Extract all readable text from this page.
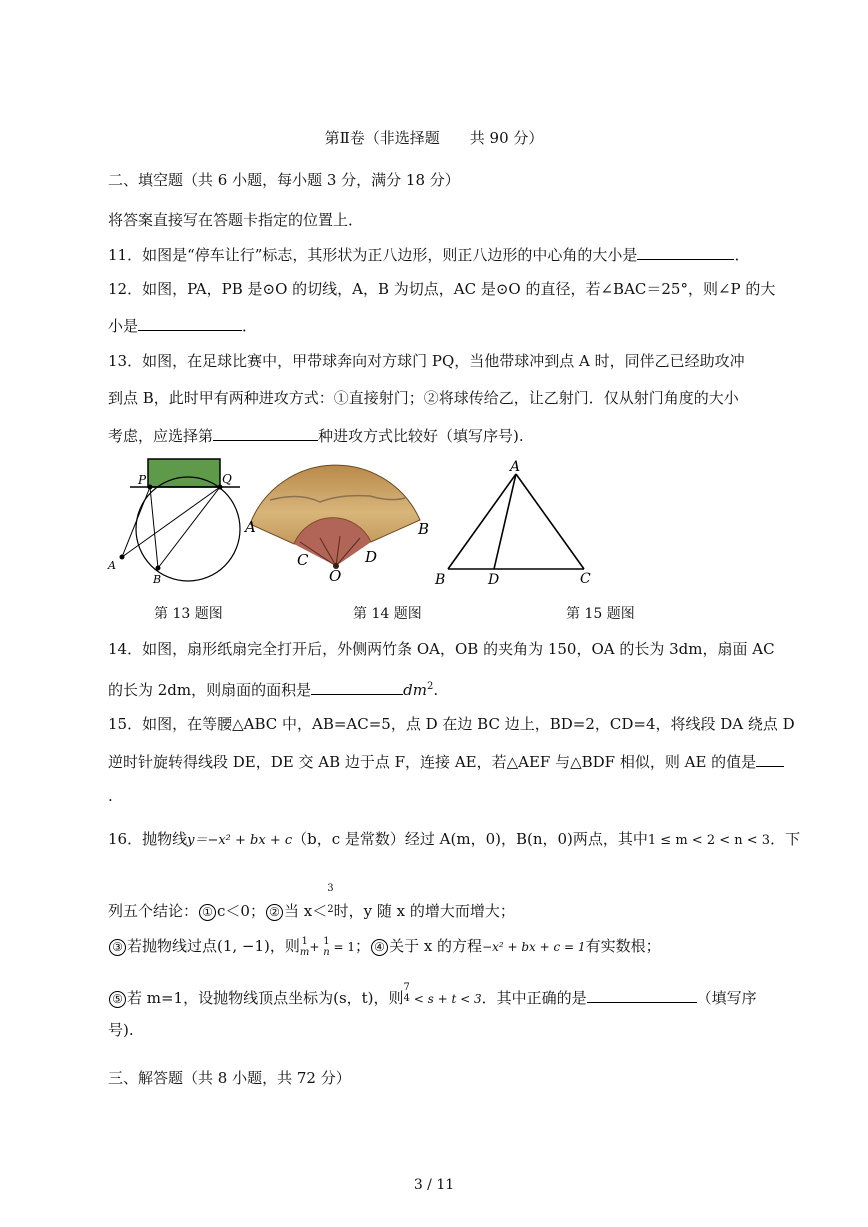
第Ⅱ卷（非选择题　　共 90 分）
二、填空题（共 6 小题，每小题 3 分，满分 18 分）
将答案直接写在答题卡指定的位置上．
11．如图是“停车让行”标志，其形状为正八边形，则正八边形的中心角的大小是	．
12．如图，PA，PB 是⊙O 的切线，A，B 为切点，AC 是⊙O 的直径，若∠BAC＝25°，则∠P 的大
小是	．
13．如图，在足球比赛中，甲带球奔向对方球门 PQ，当他带球冲到点 A 时，同伴乙已经助攻冲
到点 B，此时甲有两种进攻方式：①直接射门；②将球传给乙，让乙射门．仅从射门角度的大小
考虑，应选择第	种进攻方式比较好（填写序号).
P	Q
A
B
A	B
C	D
O
A
B	D	C
第 13 题图	第 14 题图	第 15 题图
14．如图，扇形纸扇完全打开后，外侧两竹条 OA，OB 的夹角为 150，OA 的长为 3dm，扇面 AC
的长为 2dm，则扇面的面积是	$dm^2$.
15．如图，在等腰△ABC 中，AB=AC=5，点 D 在边 BC 边上，BD=2，CD=4，将线段 DA 绕点 D
逆时针旋转得线段 DE，DE 交 AB 边于点 F，连接 AE，若△AEF 与△BDF 相似，则 AE 的值是
.
16．抛物线y＝−x² + bx + c（b，c 是常数）经过 A(m，0)，B(n，0)两点，其中1 ≤ m < 2 < n < 3．下
列五个结论： ① c＜0； ② 当 x＜
3
2 时，y 随 x 的增大而增大；
③ 若抛物线过点(1, −1)，则 1
m+ 1
n = 1； ④ 关于 x 的方程−x² + bx + c = 1有实数根；
⑤ 若 m=1，设抛物线顶点坐标为(s，t)，则
7
4 < s + t < 3．其中正确的是	（填写序
号).
三、解答题（共 8 小题，共 72 分）
3 / 11
